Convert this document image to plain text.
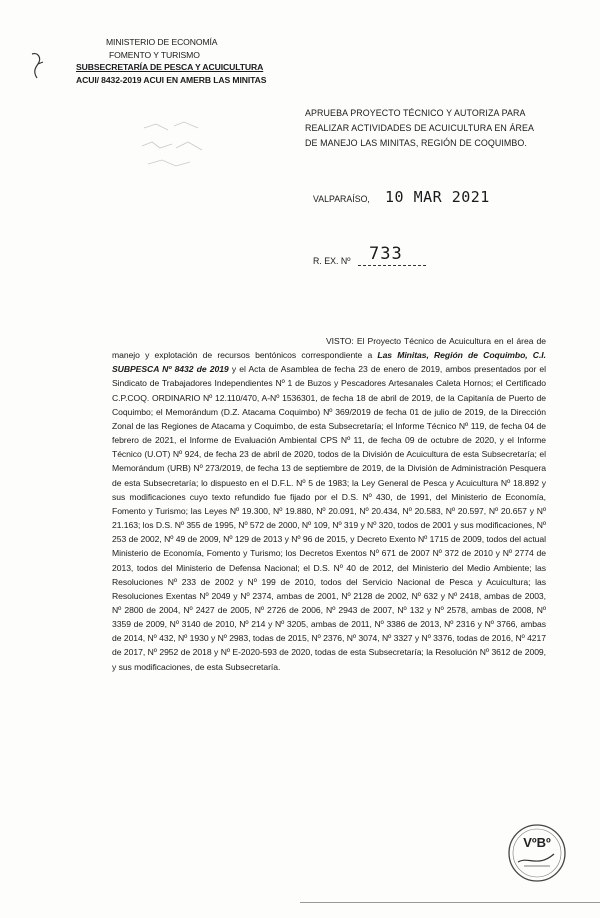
MINISTERIO DE ECONOMÍA
FOMENTO Y TURISMO
SUBSECRETARÍA DE PESCA Y ACUICULTURA
ACUI/ 8432-2019 ACUI EN AMERB LAS MINITAS
APRUEBA PROYECTO TÉCNICO Y AUTORIZA PARA
REALIZAR ACTIVIDADES DE ACUICULTURA EN ÁREA
DE MANEJO LAS MINITAS, REGIÓN DE COQUIMBO.
VALPARAÍSO, 10 MAR 2021
R. EX. Nº 733

VISTO: El Proyecto Técnico de Acuicultura en el área de manejo y explotación de recursos bentónicos correspondiente a Las Minitas, Región de Coquimbo, C.I. SUBPESCA Nº 8432 de 2019 y el Acta de Asamblea de fecha 23 de enero de 2019, ambos presentados por el Sindicato de Trabajadores Independientes Nº 1 de Buzos y Pescadores Artesanales Caleta Hornos; el Certificado C.P.COQ. ORDINARIO Nº 12.110/470, A-Nº 1536301, de fecha 18 de abril de 2019, de la Capitanía de Puerto de Coquimbo; el Memorándum (D.Z. Atacama Coquimbo) Nº 369/2019 de fecha 01 de julio de 2019, de la Dirección Zonal de las Regiones de Atacama y Coquimbo, de esta Subsecretaría; el Informe Técnico Nº 119, de fecha 04 de febrero de 2021, el Informe de Evaluación Ambiental CPS Nº 11, de fecha 09 de octubre de 2020, y el Informe Técnico (U.OT) Nº 924, de fecha 23 de abril de 2020, todos de la División de Acuicultura de esta Subsecretaría; el Memorándum (URB) Nº 273/2019, de fecha 13 de septiembre de 2019, de la División de Administración Pesquera de esta Subsecretaría; lo dispuesto en el D.F.L. Nº 5 de 1983; la Ley General de Pesca y Acuicultura Nº 18.892 y sus modificaciones cuyo texto refundido fue fijado por el D.S. Nº 430, de 1991, del Ministerio de Economía, Fomento y Turismo; las Leyes Nº 19.300, Nº 19.880, Nº 20.091, Nº 20.434, Nº 20.583, Nº 20.597, Nº 20.657 y Nº 21.163; los D.S. Nº 355 de 1995, Nº 572 de 2000, Nº 109, Nº 319 y Nº 320, todos de 2001 y sus modificaciones, Nº 253 de 2002, Nº 49 de 2009, Nº 129 de 2013 y Nº 96 de 2015, y Decreto Exento Nº 1715 de 2009, todos del actual Ministerio de Economía, Fomento y Turismo; los Decretos Exentos Nº 671 de 2007 Nº 372 de 2010 y Nº 2774 de 2013, todos del Ministerio de Defensa Nacional; el D.S. Nº 40 de 2012, del Ministerio del Medio Ambiente; las Resoluciones Nº 233 de 2002 y Nº 199 de 2010, todos del Servicio Nacional de Pesca y Acuicultura; las Resoluciones Exentas Nº 2049 y Nº 2374, ambas de 2001, Nº 2128 de 2002, Nº 632 y Nº 2418, ambas de 2003, Nº 2800 de 2004, Nº 2427 de 2005, Nº 2726 de 2006, Nº 2943 de 2007, Nº 132 y Nº 2578, ambas de 2008, Nº 3359 de 2009, Nº 3140 de 2010, Nº 214 y Nº 3205, ambas de 2011, Nº 3386 de 2013, Nº 2316 y Nº 3766, ambas de 2014, Nº 432, Nº 1930 y Nº 2983, todas de 2015, Nº 2376, Nº 3074, Nº 3327 y Nº 3376, todas de 2016, Nº 4217 de 2017, Nº 2952 de 2018 y Nº E-2020-593 de 2020, todas de esta Subsecretaría; la Resolución Nº 3612 de 2009, y sus modificaciones, de esta Subsecretaría.

VºBº
